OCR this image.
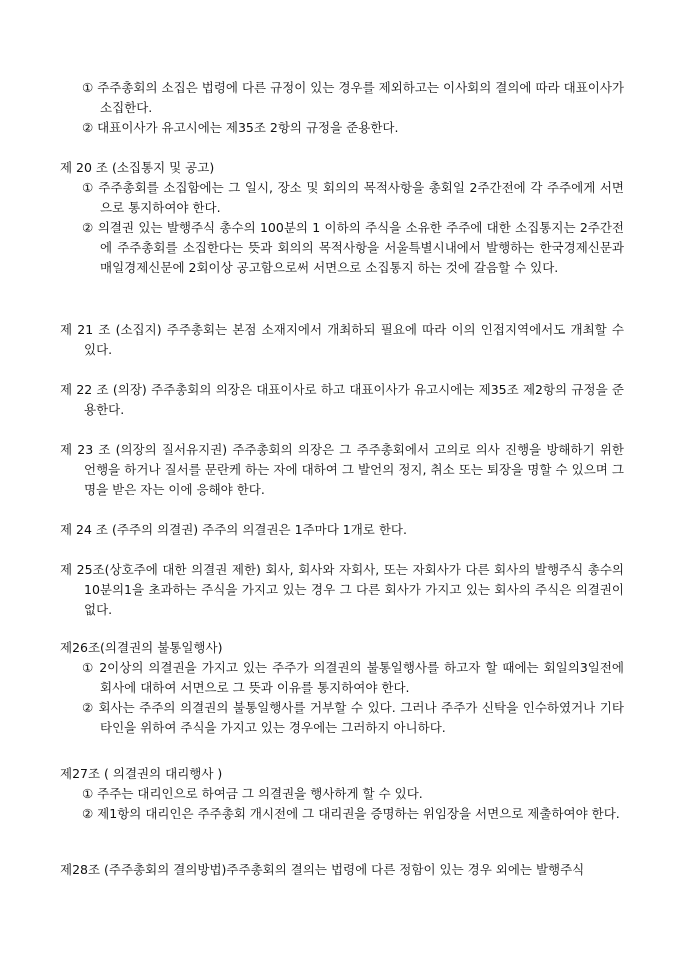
① 주주총회의 소집은 법령에 다른 규정이 있는 경우를 제외하고는 이사회의 결의에 따라 대표이사가 소집한다.

② 대표이사가 유고시에는 제35조 2항의 규정을 준용한다.

제 20 조 (소집통지 및 공고)

① 주주총회를 소집함에는 그 일시, 장소 및 회의의 목적사항을 총회일 2주간전에 각 주주에게 서면으로 통지하여야 한다.

② 의결권 있는 발행주식 총수의 100분의 1 이하의 주식을 소유한 주주에 대한 소집통지는 2주간전에 주주총회를 소집한다는 뜻과 회의의 목적사항을 서울특별시내에서 발행하는 한국경제신문과 매일경제신문에 2회이상 공고함으로써 서면으로 소집통지 하는 것에 갈음할 수 있다.

제 21 조 (소집지) 주주총회는 본점 소재지에서 개최하되 필요에 따라 이의 인접지역에서도 개최할 수 있다.
제 22 조 (의장) 주주총회의 의장은 대표이사로 하고 대표이사가 유고시에는 제35조 제2항의 규정을 준용한다.
제 23 조 (의장의 질서유지권) 주주총회의 의장은 그 주주총회에서 고의로 의사 진행을 방해하기 위한 언행을 하거나 질서를 문란케 하는 자에 대하여 그 발언의 정지, 취소 또는 퇴장을 명할 수 있으며 그 명을 받은 자는 이에 응해야 한다.
제 24 조 (주주의 의결권) 주주의 의결권은 1주마다 1개로 한다.
제 25조(상호주에 대한 의결권 제한) 회사, 회사와 자회사, 또는 자회사가 다른 회사의 발행주식 총수의 10분의1을 초과하는 주식을 가지고 있는 경우 그 다른 회사가 가지고 있는 회사의 주식은 의결권이 없다.
제26조(의결권의 불통일행사)

① 2이상의 의결권을 가지고 있는 주주가 의결권의 불통일행사를 하고자 할 때에는 회일의3일전에 회사에 대하여 서면으로 그 뜻과 이유를 통지하여야 한다.

② 회사는 주주의 의결권의 불통일행사를 거부할 수 있다. 그러나 주주가 신탁을 인수하였거나 기타 타인을 위하여 주식을 가지고 있는 경우에는 그러하지 아니하다.

제27조 ( 의결권의 대리행사 )

① 주주는 대리인으로 하여금 그 의결권을 행사하게 할 수 있다.

② 제1항의 대리인은 주주총회 개시전에 그 대리권을 증명하는 위임장을 서면으로 제출하여야 한다.

제28조 (주주총회의 결의방법)주주총회의 결의는 법령에 다른 정함이 있는 경우 외에는 발행주식
